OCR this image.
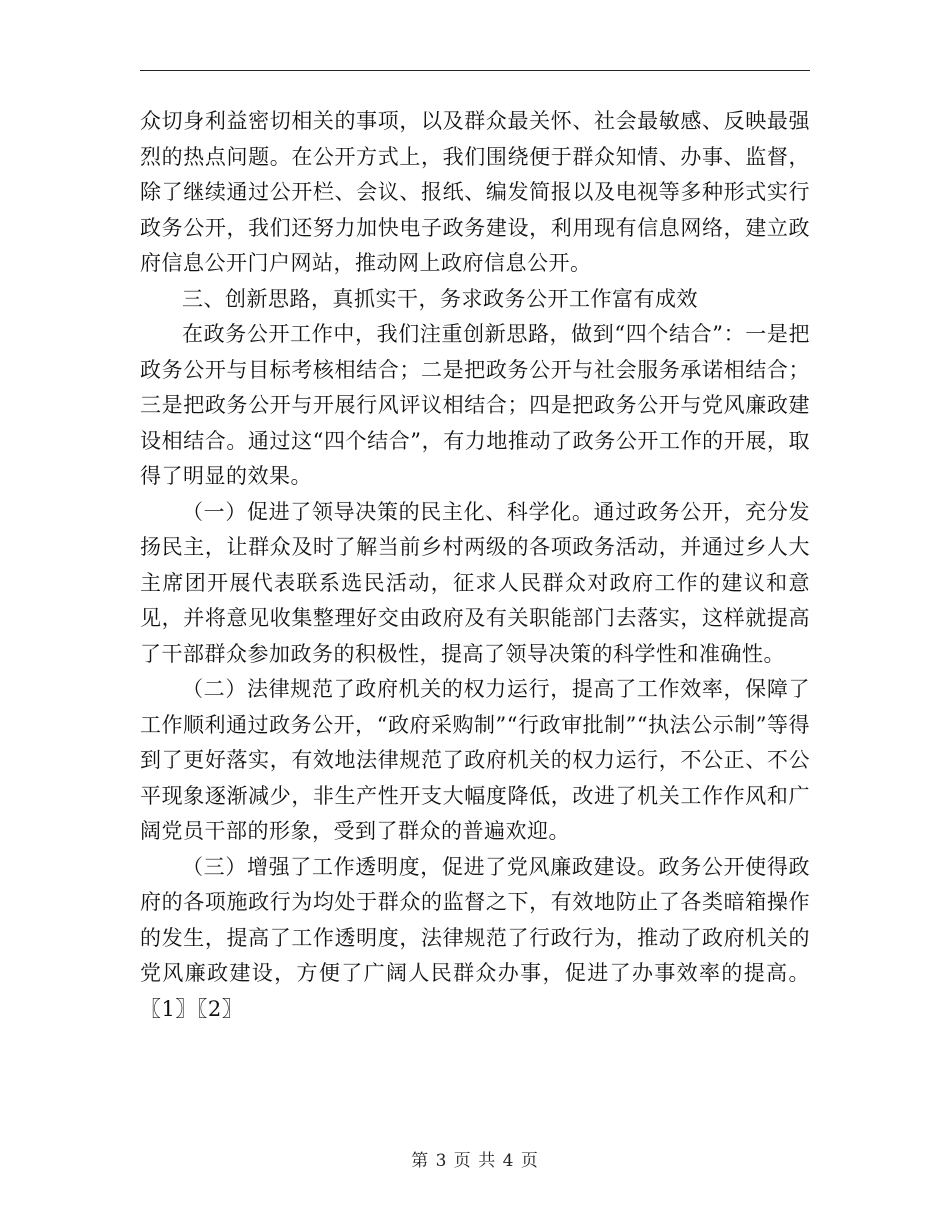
众切身利益密切相关的事项，以及群众最关怀、社会最敏感、反映最强烈的热点问题。在公开方式上，我们围绕便于群众知情、办事、监督，除了继续通过公开栏、会议、报纸、编发简报以及电视等多种形式实行政务公开，我们还努力加快电子政务建设，利用现有信息网络，建立政府信息公开门户网站，推动网上政府信息公开。

三、创新思路，真抓实干，务求政务公开工作富有成效

在政务公开工作中，我们注重创新思路，做到“四个结合”：一是把政务公开与目标考核相结合；二是把政务公开与社会服务承诺相结合；三是把政务公开与开展行风评议相结合；四是把政务公开与党风廉政建设相结合。通过这“四个结合”，有力地推动了政务公开工作的开展，取得了明显的效果。

（一）促进了领导决策的民主化、科学化。通过政务公开，充分发扬民主，让群众及时了解当前乡村两级的各项政务活动，并通过乡人大主席团开展代表联系选民活动，征求人民群众对政府工作的建议和意见，并将意见收集整理好交由政府及有关职能部门去落实，这样就提高了干部群众参加政务的积极性，提高了领导决策的科学性和准确性。

（二）法律规范了政府机关的权力运行，提高了工作效率，保障了工作顺利通过政务公开，“政府采购制”“行政审批制”“执法公示制”等得到了更好落实，有效地法律规范了政府机关的权力运行，不公正、不公平现象逐渐减少，非生产性开支大幅度降低，改进了机关工作作风和广阔党员干部的形象，受到了群众的普遍欢迎。

（三）增强了工作透明度，促进了党风廉政建设。政务公开使得政府的各项施政行为均处于群众的监督之下，有效地防止了各类暗箱操作的发生，提高了工作透明度，法律规范了行政行为，推动了政府机关的党风廉政建设，方便了广阔人民群众办事，促进了办事效率的提高。〖1〗〖2〗

第 3 页 共 4 页
